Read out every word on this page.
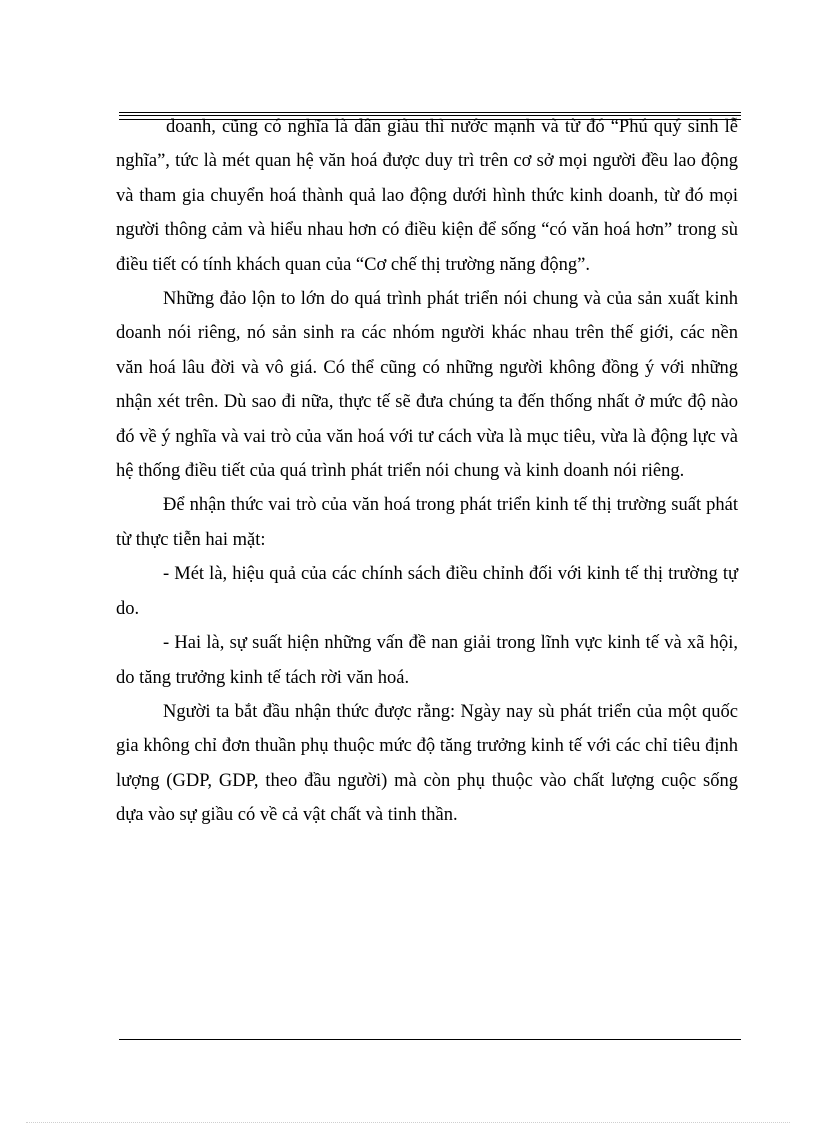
doanh, cũng có nghĩa là dân giàu thì nước mạnh và từ đó “Phú quý sinh lễ nghĩa”, tức là mét quan hệ văn hoá được duy trì trên cơ sở mọi người đều lao động và tham gia chuyển hoá thành quả lao động dưới hình thức kinh doanh, từ đó mọi người thông cảm và hiểu nhau hơn có điều kiện để sống “có văn hoá hơn” trong sù điều tiết có tính khách quan của “Cơ chế thị trường năng động”.

Những đảo lộn to lớn do quá trình phát triển nói chung và của sản xuất kinh doanh nói riêng, nó sản sinh ra các nhóm người khác nhau trên thế giới, các nền văn hoá lâu đời và vô giá. Có thể cũng có những người không đồng ý với những nhận xét trên. Dù sao đi nữa, thực tế sẽ đưa chúng ta đến thống nhất ở mức độ nào đó về ý nghĩa và vai trò của văn hoá với tư cách vừa là mục tiêu, vừa là động lực và hệ thống điều tiết của quá trình phát triển nói chung và kinh doanh nói riêng.

Để nhận thức vai trò của văn hoá trong phát triển kinh tế thị trường suất phát từ thực tiễn hai mặt:

- Mét là, hiệu quả của các chính sách điều chỉnh đối với kinh tế thị trường tự do.

- Hai là, sự suất hiện những vấn đề nan giải trong lĩnh vực kinh tế và xã hội, do tăng trưởng kinh tế tách rời văn hoá.

Người ta bắt đầu nhận thức được rằng: Ngày nay sù phát triển của một quốc gia không chỉ đơn thuần phụ thuộc mức độ tăng trưởng kinh tế với các chỉ tiêu định lượng (GDP, GDP, theo đầu người) mà còn phụ thuộc vào chất lượng cuộc sống dựa vào sự giầu có về cả vật chất và tinh thần.
